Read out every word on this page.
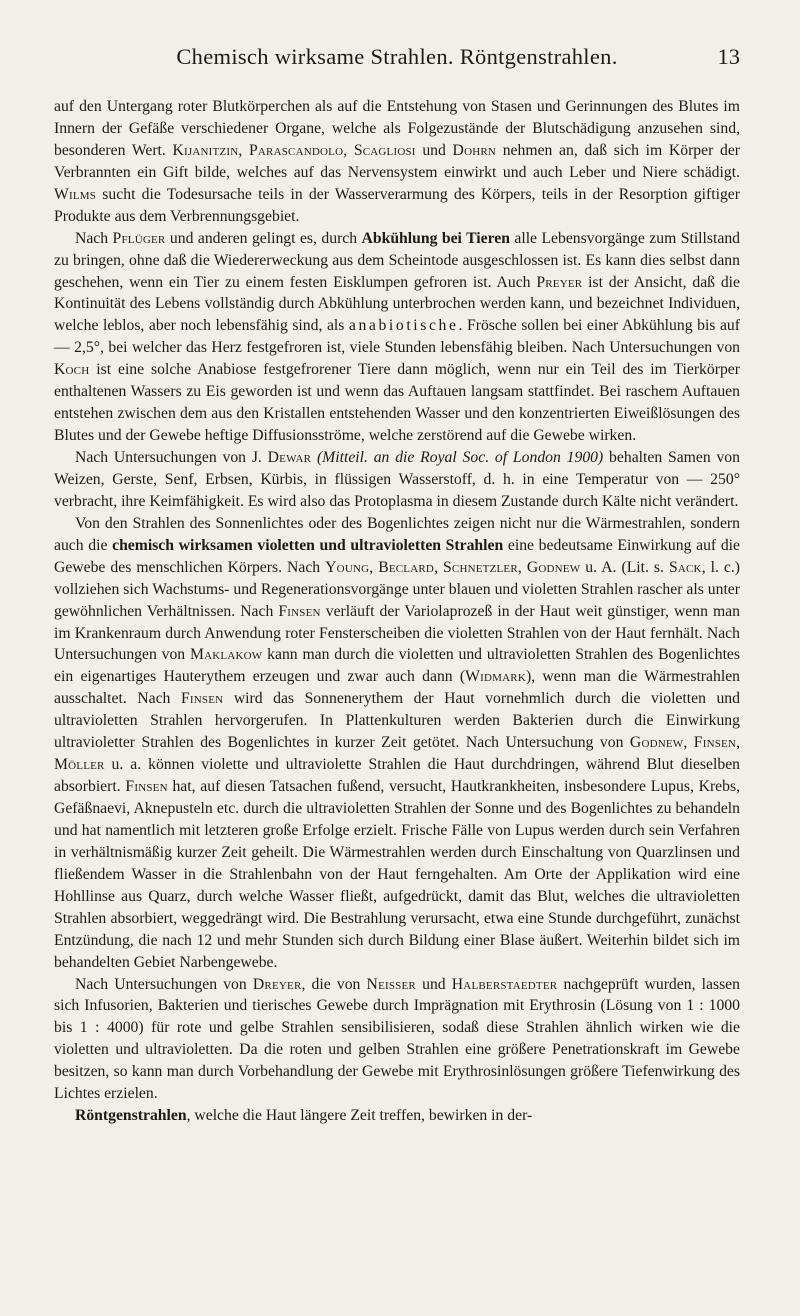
Chemisch wirksame Strahlen. Röntgenstrahlen.	13

auf den Untergang roter Blutkörperchen als auf die Entstehung von Stasen und Gerinnungen des Blutes im Innern der Gefäße verschiedener Organe, welche als Folgezustände der Blutschädigung anzusehen sind, besonderen Wert. Kijanitzin, Parascandolo, Scagliosi und Dohrn nehmen an, daß sich im Körper der Verbrannten ein Gift bilde, welches auf das Nervensystem einwirkt und auch Leber und Niere schädigt. Wilms sucht die Todesursache teils in der Wasserverarmung des Körpers, teils in der Resorption giftiger Produkte aus dem Verbrennungsgebiet.

Nach Pflüger und anderen gelingt es, durch Abkühlung bei Tieren alle Lebensvorgänge zum Stillstand zu bringen, ohne daß die Wiedererweckung aus dem Scheintode ausgeschlossen ist. Es kann dies selbst dann geschehen, wenn ein Tier zu einem festen Eisklumpen gefroren ist. Auch Preyer ist der Ansicht, daß die Kontinuität des Lebens vollständig durch Abkühlung unterbrochen werden kann, und bezeichnet Individuen, welche leblos, aber noch lebensfähig sind, als anabiotische. Frösche sollen bei einer Abkühlung bis auf — 2,5°, bei welcher das Herz festgefroren ist, viele Stunden lebensfähig bleiben. Nach Untersuchungen von Koch ist eine solche Anabiose festgefrorener Tiere dann möglich, wenn nur ein Teil des im Tierkörper enthaltenen Wassers zu Eis geworden ist und wenn das Auftauen langsam stattfindet. Bei raschem Auftauen entstehen zwischen dem aus den Kristallen entstehenden Wasser und den konzentrierten Eiweißlösungen des Blutes und der Gewebe heftige Diffusionsströme, welche zerstörend auf die Gewebe wirken.

Nach Untersuchungen von J. Dewar (Mitteil. an die Royal Soc. of London 1900) behalten Samen von Weizen, Gerste, Senf, Erbsen, Kürbis, in flüssigen Wasserstoff, d. h. in eine Temperatur von — 250° verbracht, ihre Keimfähigkeit. Es wird also das Protoplasma in diesem Zustande durch Kälte nicht verändert.

Von den Strahlen des Sonnenlichtes oder des Bogenlichtes zeigen nicht nur die Wärmestrahlen, sondern auch die chemisch wirksamen violetten und ultravioletten Strahlen eine bedeutsame Einwirkung auf die Gewebe des menschlichen Körpers. Nach Young, Beclard, Schnetzler, Godnew u. A. (Lit. s. Sack, l. c.) vollziehen sich Wachstums- und Regenerationsvorgänge unter blauen und violetten Strahlen rascher als unter gewöhnlichen Verhältnissen. Nach Finsen verläuft der Variolaprozeß in der Haut weit günstiger, wenn man im Krankenraum durch Anwendung roter Fensterscheiben die violetten Strahlen von der Haut fernhält. Nach Untersuchungen von Maklakow kann man durch die violetten und ultravioletten Strahlen des Bogenlichtes ein eigenartiges Hauterythem erzeugen und zwar auch dann (Widmark), wenn man die Wärmestrahlen ausschaltet. Nach Finsen wird das Sonnenerythem der Haut vornehmlich durch die violetten und ultravioletten Strahlen hervorgerufen. In Plattenkulturen werden Bakterien durch die Einwirkung ultravioletter Strahlen des Bogenlichtes in kurzer Zeit getötet. Nach Untersuchung von Godnew, Finsen, Möller u. a. können violette und ultraviolette Strahlen die Haut durchdringen, während Blut dieselben absorbiert. Finsen hat, auf diesen Tatsachen fußend, versucht, Hautkrankheiten, insbesondere Lupus, Krebs, Gefäßnaevi, Aknepusteln etc. durch die ultravioletten Strahlen der Sonne und des Bogenlichtes zu behandeln und hat namentlich mit letzteren große Erfolge erzielt. Frische Fälle von Lupus werden durch sein Verfahren in verhältnismäßig kurzer Zeit geheilt. Die Wärmestrahlen werden durch Einschaltung von Quarzlinsen und fließendem Wasser in die Strahlenbahn von der Haut ferngehalten. Am Orte der Applikation wird eine Hohllinse aus Quarz, durch welche Wasser fließt, aufgedrückt, damit das Blut, welches die ultravioletten Strahlen absorbiert, weggedrängt wird. Die Bestrahlung verursacht, etwa eine Stunde durchgeführt, zunächst Entzündung, die nach 12 und mehr Stunden sich durch Bildung einer Blase äußert. Weiterhin bildet sich im behandelten Gebiet Narbengewebe.

Nach Untersuchungen von Dreyer, die von Neisser und Halberstaedter nachgeprüft wurden, lassen sich Infusorien, Bakterien und tierisches Gewebe durch Imprägnation mit Erythrosin (Lösung von 1 : 1000 bis 1 : 4000) für rote und gelbe Strahlen sensibilisieren, sodaß diese Strahlen ähnlich wirken wie die violetten und ultravioletten. Da die roten und gelben Strahlen eine größere Penetrationskraft im Gewebe besitzen, so kann man durch Vorbehandlung der Gewebe mit Erythrosinlösungen größere Tiefenwirkung des Lichtes erzielen.

Röntgenstrahlen, welche die Haut längere Zeit treffen, bewirken in der-
